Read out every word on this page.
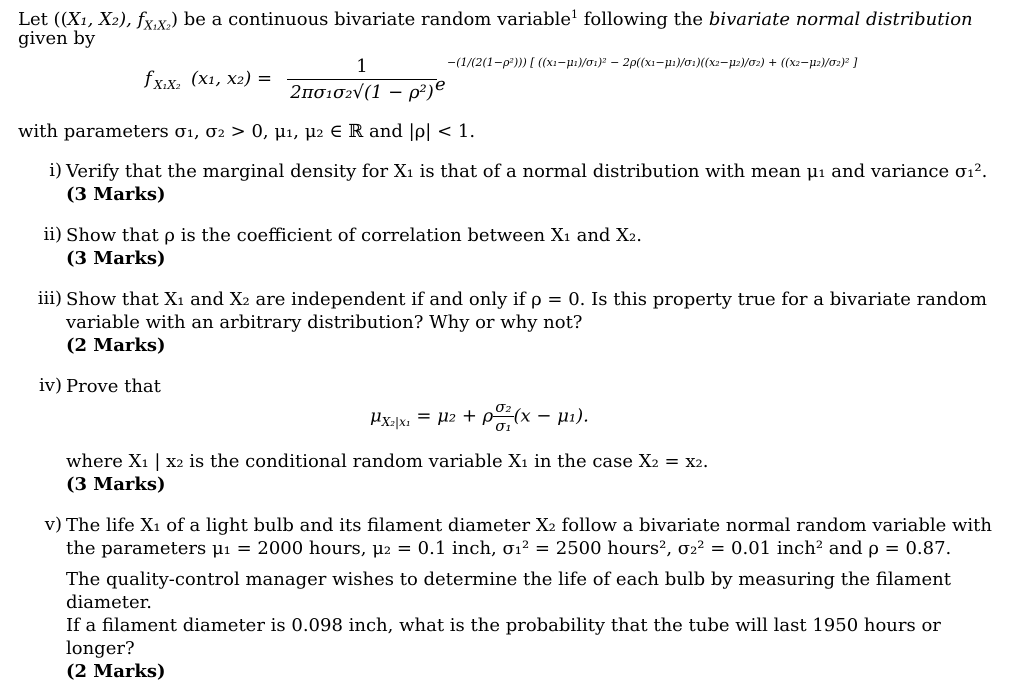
Let ((X₁, X₂), $f_{X_1X_2}$) be a continuous bivariate random variable$^1$ following the bivariate normal distribution
given by
f X₁X₂ (x₁, $x_2) = \frac{1}{\text{2πσ₁σ₂√(1 − ρ²)}}$
e
−(1/(2(1−ρ²))) [ ((x₁−μ₁)/σ₁)² − 2ρ((x₁−μ₁)/σ₁)((x₂−μ₂)/σ₂) + ((x₂−μ₂)/σ₂)² ]
with parameters σ₁, σ₂ > 0, μ₁, μ₂ ∈ ℝ and |ρ| < 1.
i) Verify that the marginal density for X₁ is that of a normal distribution with mean μ₁ and variance σ₁².
(3 Marks)
ii) Show that ρ is the coefficient of correlation between X₁ and X₂.
(3 Marks)
iii) Show that X₁ and X₂ are independent if and only if ρ = 0. Is this property true for a bivariate random
variable with an arbitrary distribution? Why or why not?
(2 Marks)
iv) Prove that
$\mu_{X_2|x_1} = \mu_2 + \rho \frac{\text{σ₂}}{\text{σ₁}} (x - \mu_1)$.
where X₁ | x₂ is the conditional random variable X₁ in the case X₂ = x₂.
(3 Marks)
v) The life X₁ of a light bulb and its filament diameter X₂ follow a bivariate normal random variable with
the parameters μ₁ = 2000 hours, μ₂ = 0.1 inch, σ₁² = 2500 hours², σ₂² = 0.01 inch² and ρ = 0.87.
The quality-control manager wishes to determine the life of each bulb by measuring the filament diameter.
If a filament diameter is 0.098 inch, what is the probability that the tube will last 1950 hours or longer?
(2 Marks)
